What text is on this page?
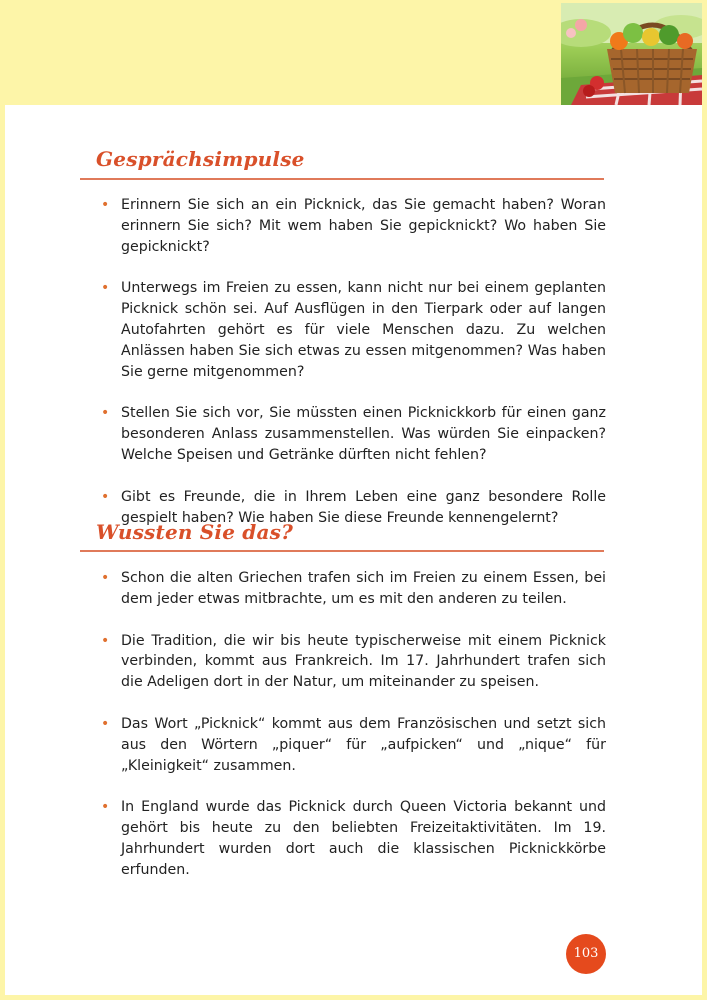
Gesprächsimpulse
• Erinnern Sie sich an ein Picknick, das Sie gemacht haben? Woran erinnern Sie sich? Mit wem haben Sie gepicknickt? Wo haben Sie gepicknickt?
• Unterwegs im Freien zu essen, kann nicht nur bei einem geplanten Picknick schön sei. Auf Ausflügen in den Tierpark oder auf langen Autofahrten gehört es für viele Menschen dazu. Zu welchen Anlässen haben Sie sich etwas zu essen mitgenommen? Was haben Sie gerne mitgenommen?
• Stellen Sie sich vor, Sie müssten einen Picknickkorb für einen ganz besonderen Anlass zusammenstellen. Was würden Sie einpacken? Welche Speisen und Getränke dürften nicht fehlen?
• Gibt es Freunde, die in Ihrem Leben eine ganz besondere Rolle gespielt haben? Wie haben Sie diese Freunde kennengelernt?
Wussten Sie das?
• Schon die alten Griechen trafen sich im Freien zu einem Essen, bei dem jeder etwas mitbrachte, um es mit den anderen zu teilen.
• Die Tradition, die wir bis heute typischerweise mit einem Picknick verbinden, kommt aus Frankreich. Im 17. Jahrhundert trafen sich die Adeligen dort in der Natur, um miteinander zu speisen.
• Das Wort „Picknick“ kommt aus dem Französischen und setzt sich aus den Wörtern „piquer“ für „aufpicken“ und „nique“ für „Kleinigkeit“ zusammen.
• In England wurde das Picknick durch Queen Victoria bekannt und gehört bis heute zu den beliebten Freizeitaktivitäten. Im 19. Jahrhundert wurden dort auch die klassischen Picknickkörbe erfunden.
103
